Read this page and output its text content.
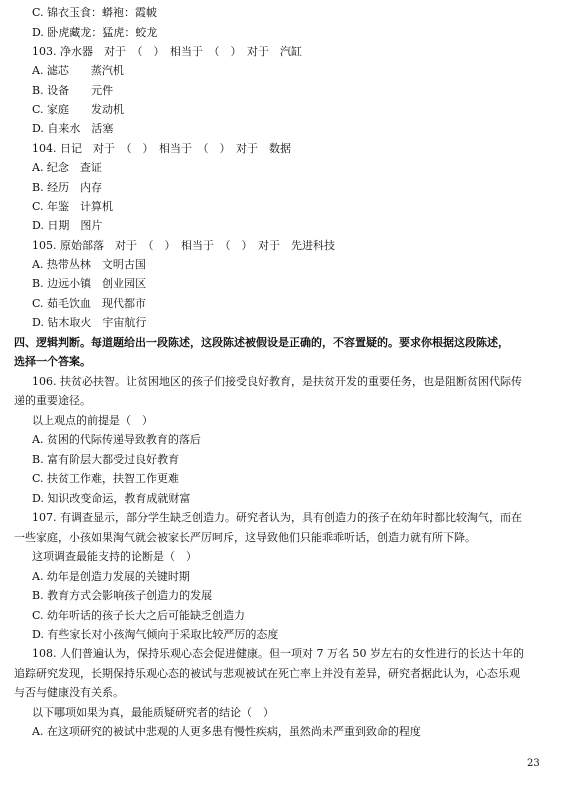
C. 锦衣玉食：蟒袍：霞帔
D. 卧虎藏龙：猛虎：蛟龙
103. 净水器　对于　（　）　相当于　（　）　对于　汽缸
A. 滤芯　　蒸汽机
B. 设备　　元件
C. 家庭　　发动机
D. 自来水　活塞
104. 日记　对于　（　）　相当于　（　）　对于　数据
A. 纪念　查证
B. 经历　内存
C. 年鉴　计算机
D. 日期　图片
105. 原始部落　对于　（　）　相当于　（　）　对于　先进科技
A. 热带丛林　文明古国
B. 边远小镇　创业园区
C. 茹毛饮血　现代都市
D. 钻木取火　宇宙航行
四、逻辑判断。每道题给出一段陈述，这段陈述被假设是正确的，不容置疑的。要求你根据这段陈述，
选择一个答案。
106. 扶贫必扶智。让贫困地区的孩子们接受良好教育，是扶贫开发的重要任务，也是阻断贫困代际传
递的重要途径。
以上观点的前提是（　）
A. 贫困的代际传递导致教育的落后
B. 富有阶层大都受过良好教育
C. 扶贫工作难，扶智工作更难
D. 知识改变命运，教育成就财富
107. 有调查显示，部分学生缺乏创造力。研究者认为，具有创造力的孩子在幼年时都比较淘气，而在
一些家庭，小孩如果淘气就会被家长严厉呵斥，这导致他们只能乖乖听话，创造力就有所下降。
这项调查最能支持的论断是（　）
A. 幼年是创造力发展的关键时期
B. 教育方式会影响孩子创造力的发展
C. 幼年听话的孩子长大之后可能缺乏创造力
D. 有些家长对小孩淘气倾向于采取比较严厉的态度
108. 人们普遍认为，保持乐观心态会促进健康。但一项对 7 万名 50 岁左右的女性进行的长达十年的
追踪研究发现，长期保持乐观心态的被试与悲观被试在死亡率上并没有差异，研究者据此认为，心态乐观
与否与健康没有关系。
以下哪项如果为真，最能质疑研究者的结论（　）
A. 在这项研究的被试中悲观的人更多患有慢性疾病，虽然尚未严重到致命的程度
23
